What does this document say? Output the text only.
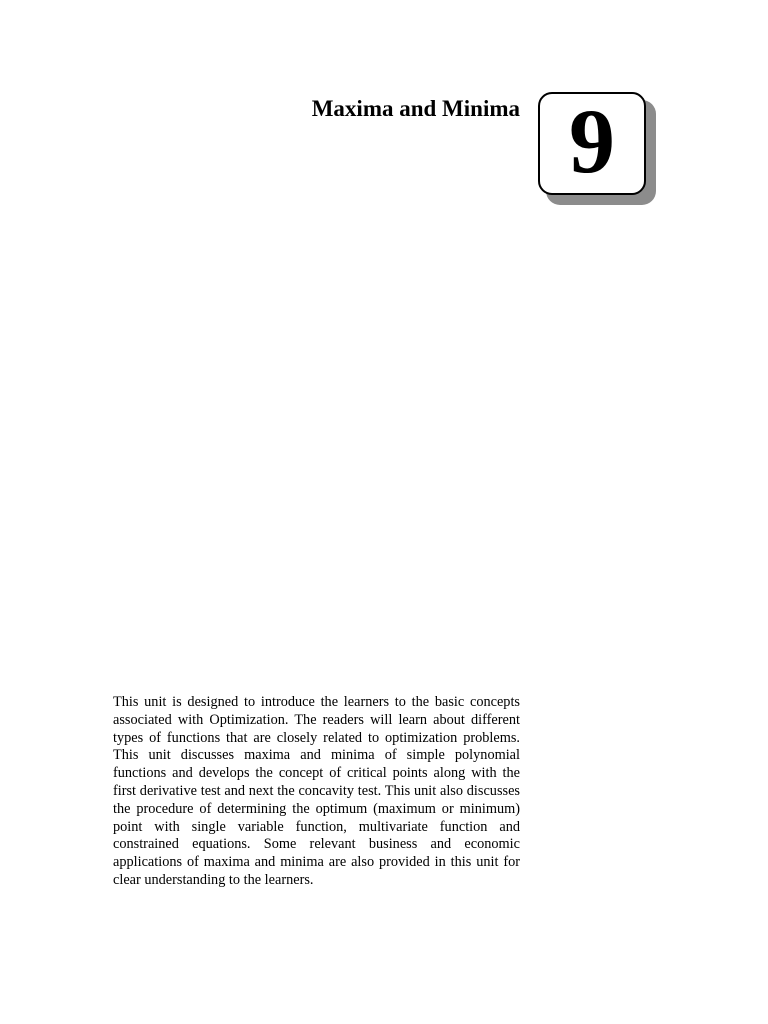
Maxima and Minima 9

This unit is designed to introduce the learners to the basic concepts associated with Optimization. The readers will learn about different types of functions that are closely related to optimization problems. This unit discusses maxima and minima of simple polynomial functions and develops the concept of critical points along with the first derivative test and next the concavity test. This unit also discusses the procedure of determining the optimum (maximum or minimum) point with single variable function, multivariate function and constrained equations. Some relevant business and economic applications of maxima and minima are also provided in this unit for clear understanding to the learners.
